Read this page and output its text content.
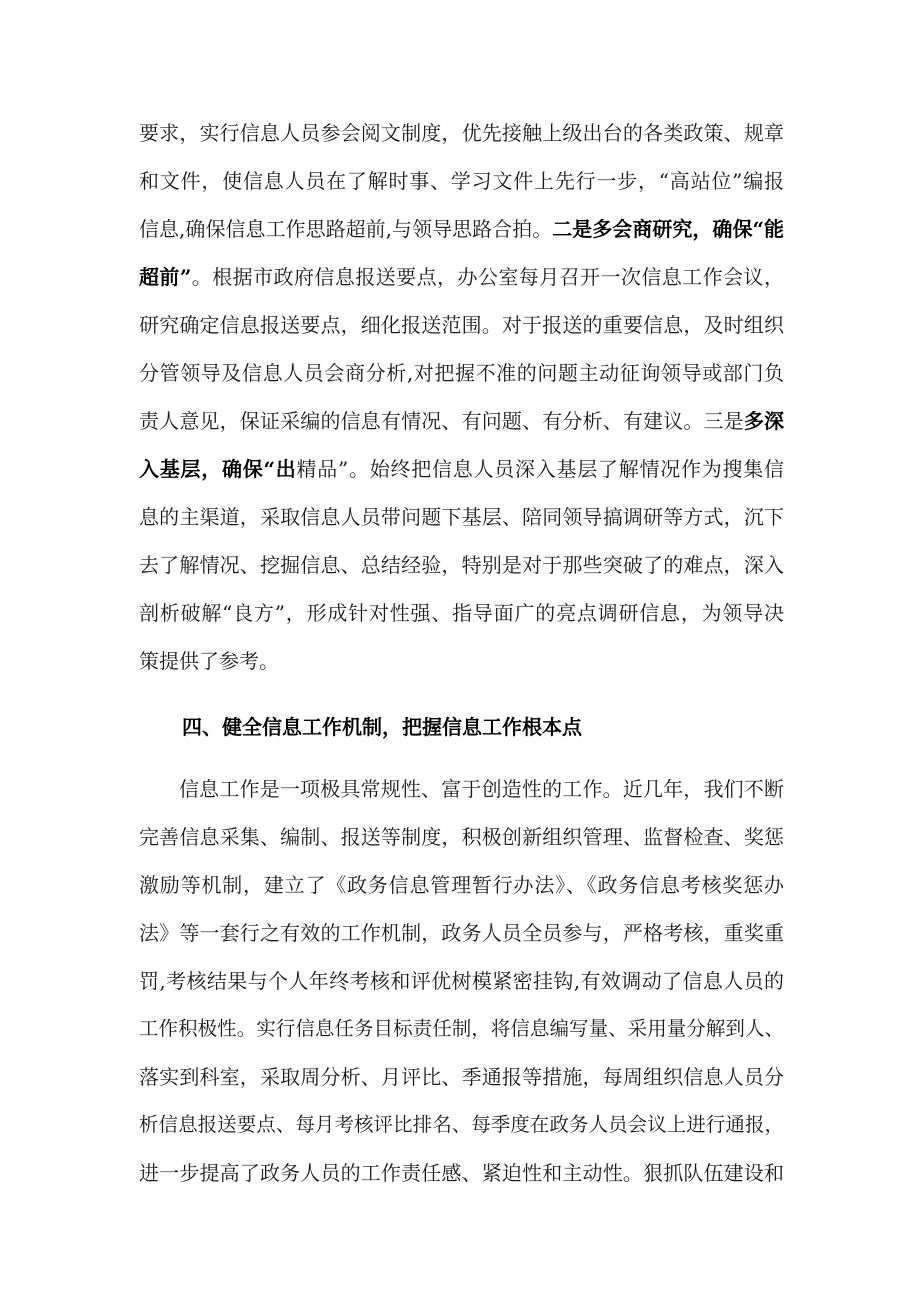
要求，实行信息人员参会阅文制度，优先接触上级出台的各类政策、规章
和文件，使信息人员在了解时事、学习文件上先行一步，“高站位”编报
信息,确保信息工作思路超前,与领导思路合拍。二是多会商研究，确保“能
超前”。根据市政府信息报送要点，办公室每月召开一次信息工作会议，
研究确定信息报送要点，细化报送范围。对于报送的重要信息，及时组织
分管领导及信息人员会商分析,对把握不准的问题主动征询领导或部门负
责人意见，保证采编的信息有情况、有问题、有分析、有建议。三是多深
入基层，确保“出精品”。始终把信息人员深入基层了解情况作为搜集信
息的主渠道，采取信息人员带问题下基层、陪同领导搞调研等方式，沉下
去了解情况、挖掘信息、总结经验，特别是对于那些突破了的难点，深入
剖析破解“良方”，形成针对性强、指导面广的亮点调研信息，为领导决
策提供了参考。
四、健全信息工作机制，把握信息工作根本点
信息工作是一项极具常规性、富于创造性的工作。近几年，我们不断
完善信息采集、编制、报送等制度，积极创新组织管理、监督检查、奖惩
激励等机制，建立了《政务信息管理暂行办法》、《政务信息考核奖惩办
法》等一套行之有效的工作机制，政务人员全员参与，严格考核，重奖重
罚,考核结果与个人年终考核和评优树模紧密挂钩,有效调动了信息人员的
工作积极性。实行信息任务目标责任制，将信息编写量、采用量分解到人、
落实到科室，采取周分析、月评比、季通报等措施，每周组织信息人员分
析信息报送要点、每月考核评比排名、每季度在政务人员会议上进行通报，
进一步提高了政务人员的工作责任感、紧迫性和主动性。狠抓队伍建设和
